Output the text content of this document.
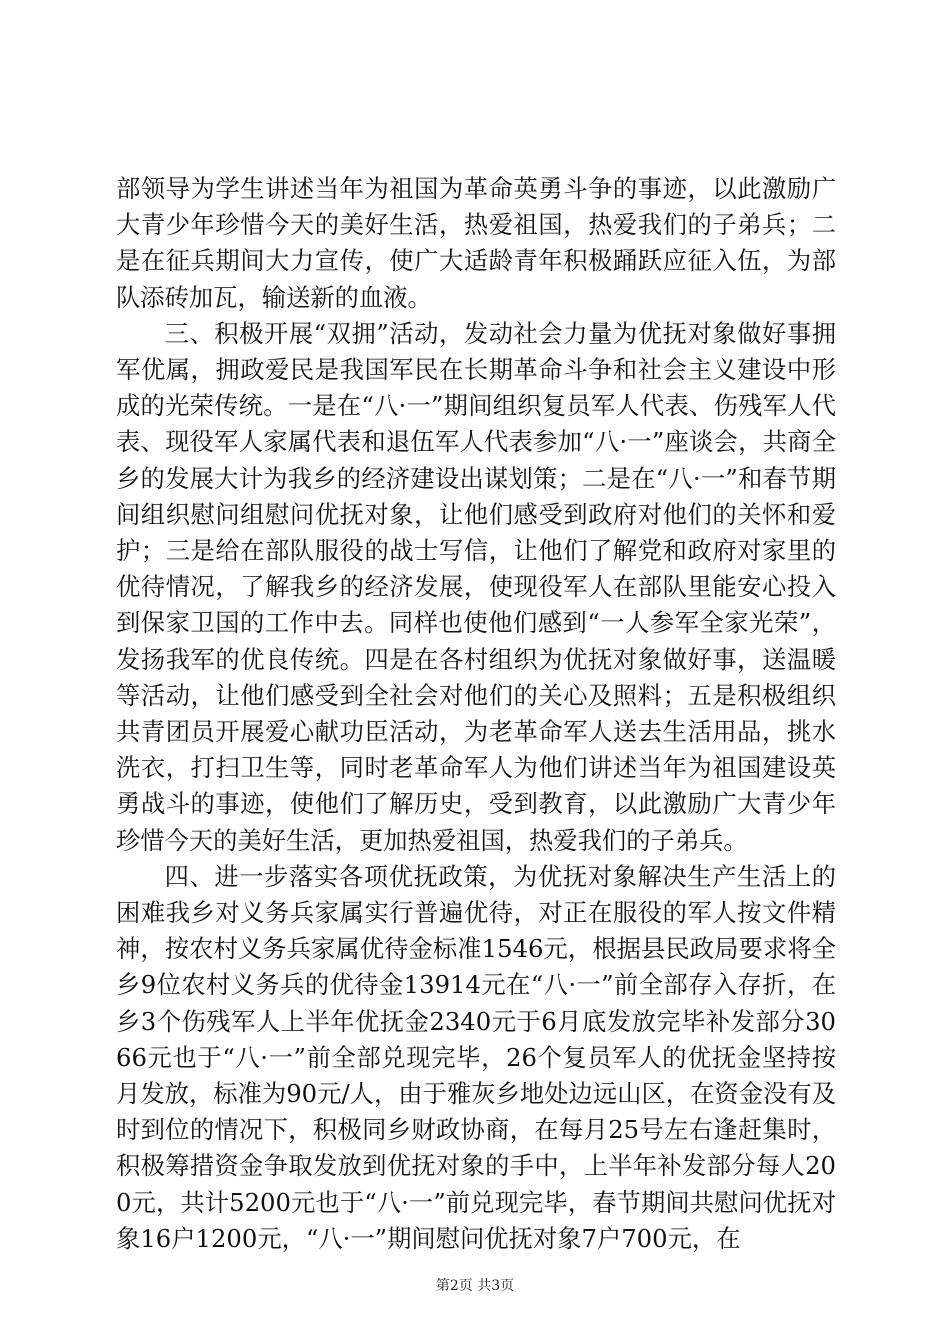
部领导为学生讲述当年为祖国为革命英勇斗争的事迹，以此激励广大青少年珍惜今天的美好生活，热爱祖国，热爱我们的子弟兵；二是在征兵期间大力宣传，使广大适龄青年积极踊跃应征入伍，为部队添砖加瓦，输送新的血液。

三、积极开展“双拥”活动，发动社会力量为优抚对象做好事拥军优属，拥政爱民是我国军民在长期革命斗争和社会主义建设中形成的光荣传统。一是在“八·一”期间组织复员军人代表、伤残军人代表、现役军人家属代表和退伍军人代表参加“八·一”座谈会，共商全乡的发展大计为我乡的经济建设出谋划策；二是在“八·一”和春节期间组织慰问组慰问优抚对象，让他们感受到政府对他们的关怀和爱护；三是给在部队服役的战士写信，让他们了解党和政府对家里的优待情况，了解我乡的经济发展，使现役军人在部队里能安心投入到保家卫国的工作中去。同样也使他们感到“一人参军全家光荣”，发扬我军的优良传统。四是在各村组织为优抚对象做好事，送温暖等活动，让他们感受到全社会对他们的关心及照料；五是积极组织共青团员开展爱心献功臣活动，为老革命军人送去生活用品，挑水洗衣，打扫卫生等，同时老革命军人为他们讲述当年为祖国建设英勇战斗的事迹，使他们了解历史，受到教育，以此激励广大青少年珍惜今天的美好生活，更加热爱祖国，热爱我们的子弟兵。

四、进一步落实各项优抚政策，为优抚对象解决生产生活上的困难我乡对义务兵家属实行普遍优待，对正在服役的军人按文件精神，按农村义务兵家属优待金标准1546元，根据县民政局要求将全乡9位农村义务兵的优待金13914元在“八·一”前全部存入存折，在乡3个伤残军人上半年优抚金2340元于6月底发放完毕补发部分3066元也于“八·一”前全部兑现完毕，26个复员军人的优抚金坚持按月发放，标准为90元/人，由于雅灰乡地处边远山区，在资金没有及时到位的情况下，积极同乡财政协商，在每月25号左右逢赶集时，积极筹措资金争取发放到优抚对象的手中，上半年补发部分每人200元，共计5200元也于“八·一”前兑现完毕，春节期间共慰问优抚对象16户1200元，“八·一”期间慰问优抚对象7户700元，在

第2页 共3页
